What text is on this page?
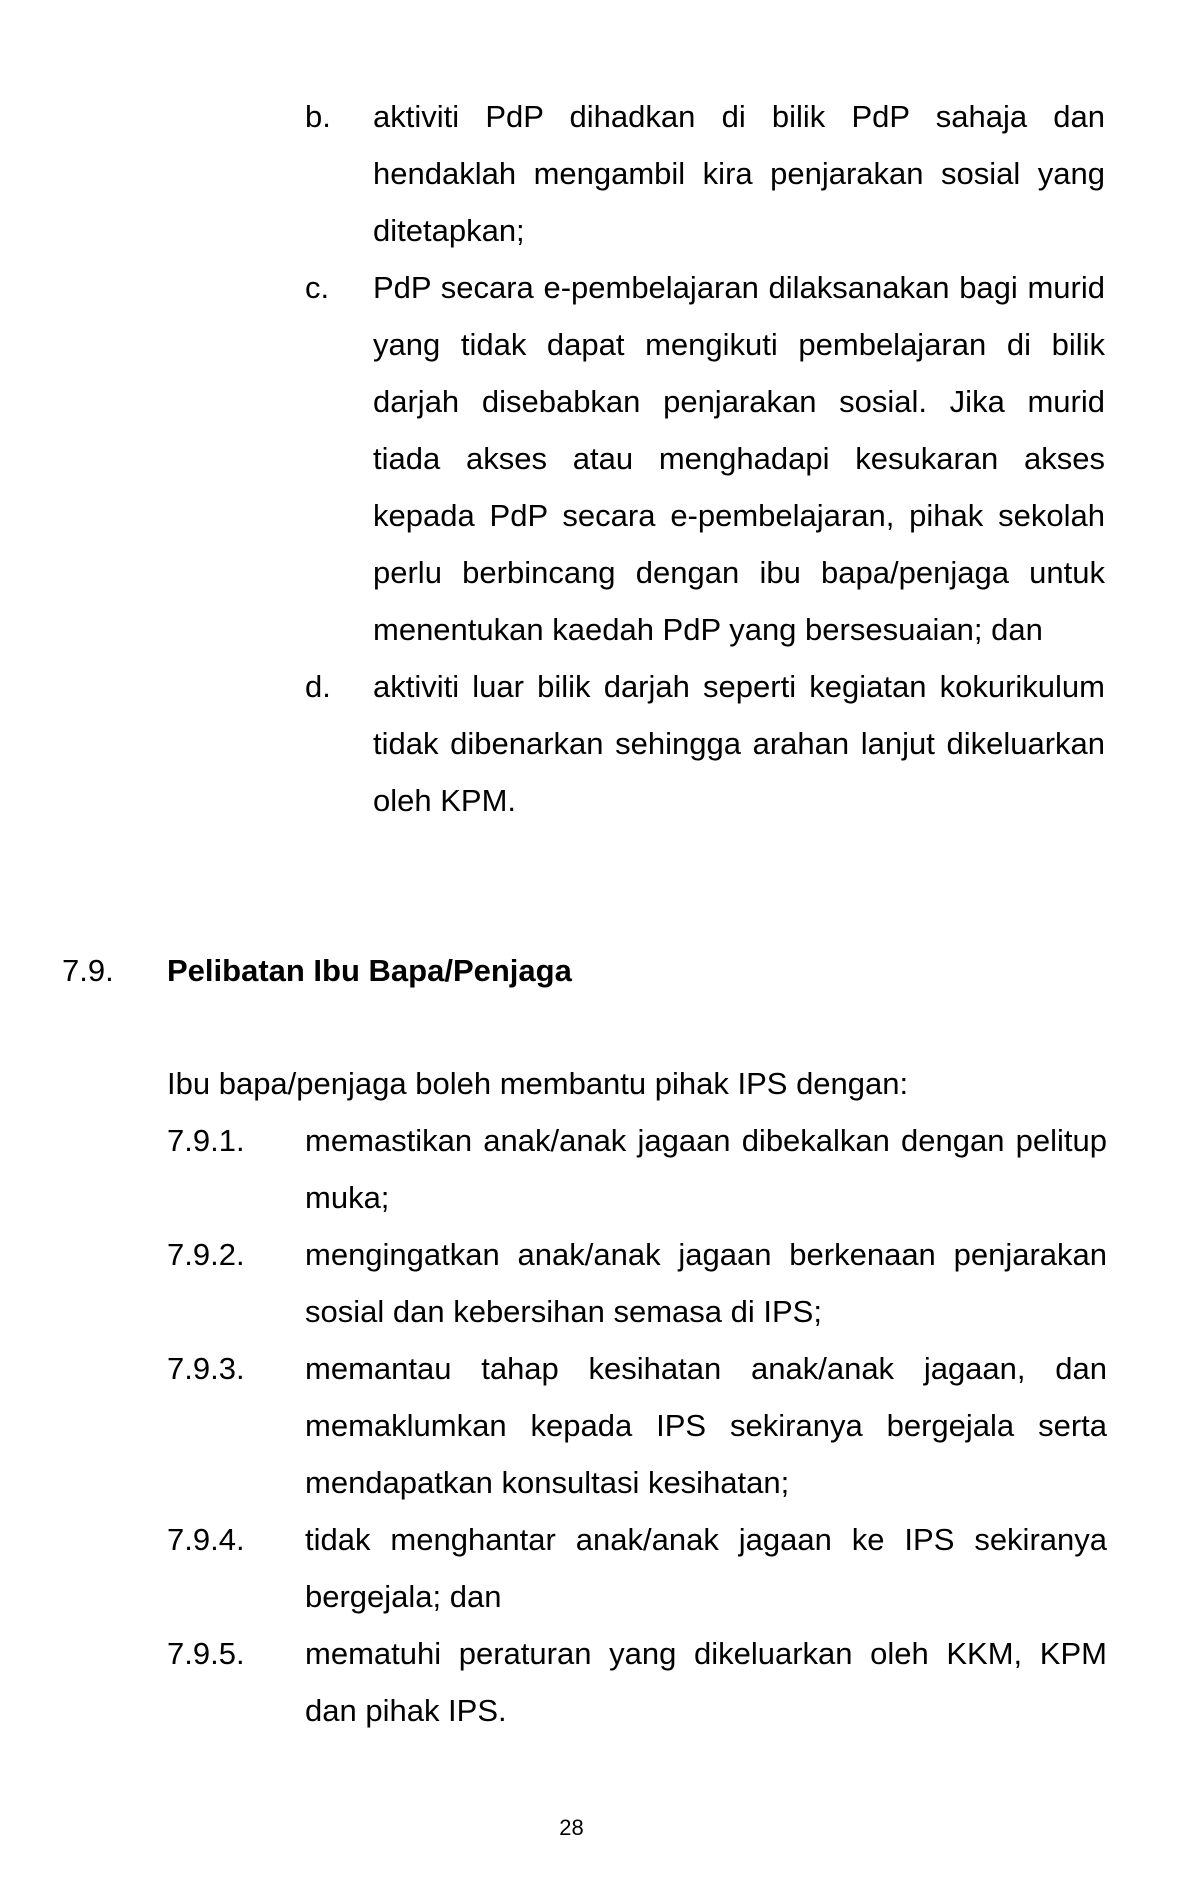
b.	aktiviti PdP dihadkan di bilik PdP sahaja dan hendaklah mengambil kira penjarakan sosial yang ditetapkan;
c.	PdP secara e-pembelajaran dilaksanakan bagi murid yang tidak dapat mengikuti pembelajaran di bilik darjah disebabkan penjarakan sosial. Jika murid tiada akses atau menghadapi kesukaran akses kepada PdP secara e-pembelajaran, pihak sekolah perlu berbincang dengan ibu bapa/penjaga untuk menentukan kaedah PdP yang bersesuaian; dan
d.	aktiviti luar bilik darjah seperti kegiatan kokurikulum tidak dibenarkan sehingga arahan lanjut dikeluarkan oleh KPM.
7.9.	Pelibatan Ibu Bapa/Penjaga
Ibu bapa/penjaga boleh membantu pihak IPS dengan:
7.9.1.	memastikan anak/anak jagaan dibekalkan dengan pelitup muka;
7.9.2.	mengingatkan anak/anak jagaan berkenaan penjarakan sosial dan kebersihan semasa di IPS;
7.9.3.	memantau tahap kesihatan anak/anak jagaan, dan memaklumkan kepada IPS sekiranya bergejala serta mendapatkan konsultasi kesihatan;
7.9.4.	tidak menghantar anak/anak jagaan ke IPS sekiranya bergejala; dan
7.9.5.	mematuhi peraturan yang dikeluarkan oleh KKM, KPM dan pihak IPS.
28
